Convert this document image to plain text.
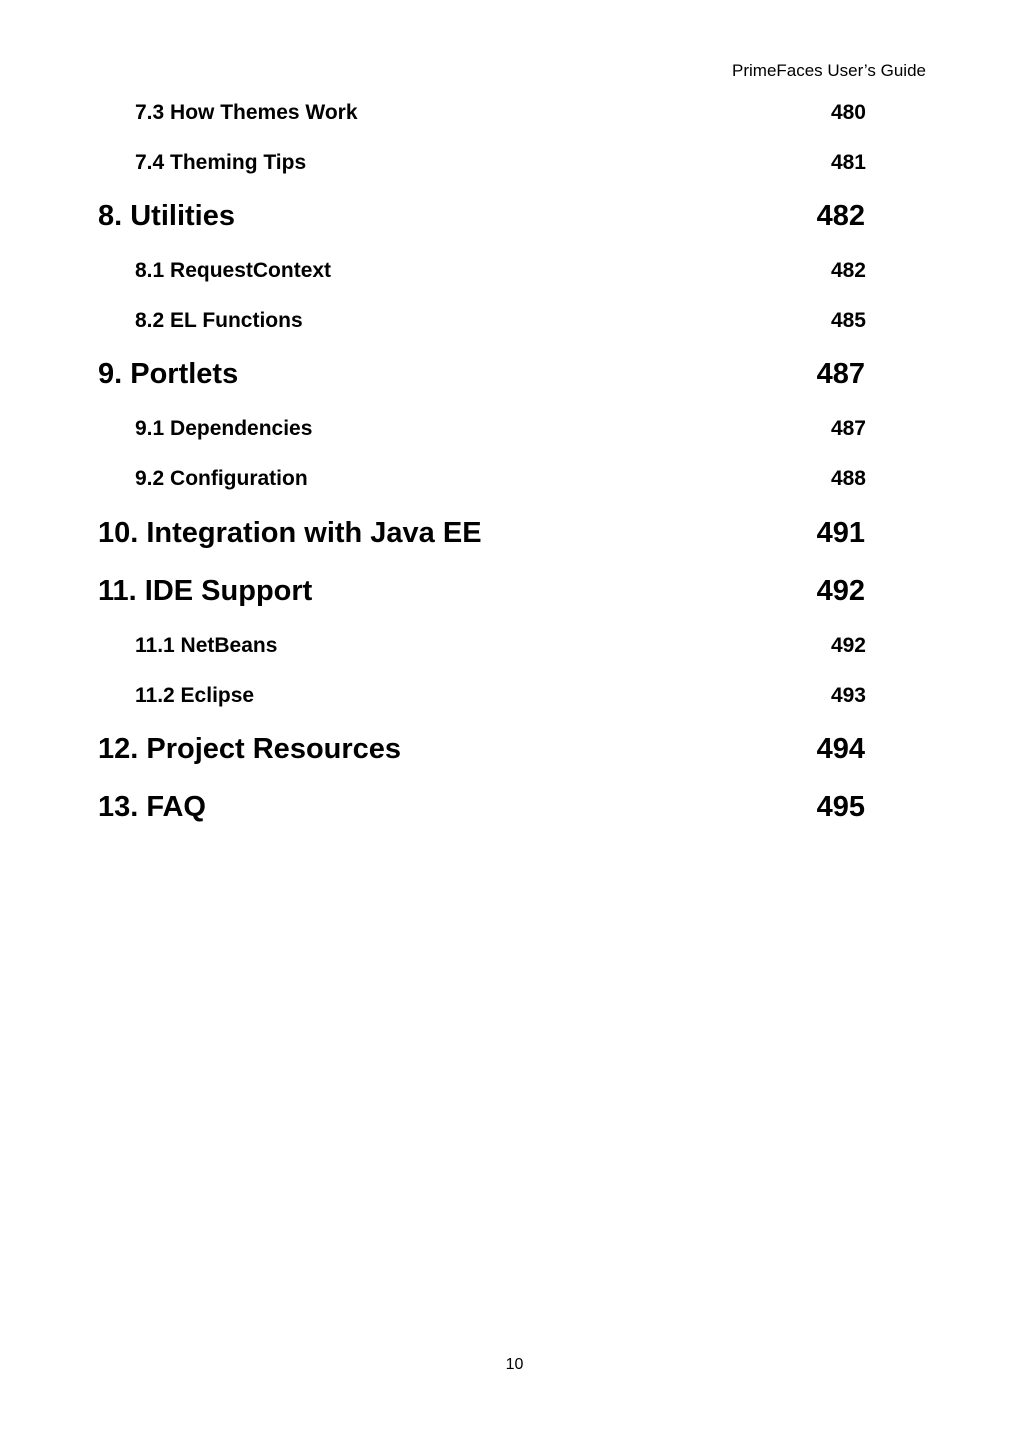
PrimeFaces User’s Guide
7.3 How Themes Work	480
7.4 Theming Tips	481
8. Utilities	482
8.1 RequestContext	482
8.2 EL Functions	485
9. Portlets	487
9.1 Dependencies	487
9.2 Configuration	488
10. Integration with Java EE	491
11. IDE Support	492
11.1 NetBeans	492
11.2 Eclipse	493
12. Project Resources	494
13. FAQ	495
10
